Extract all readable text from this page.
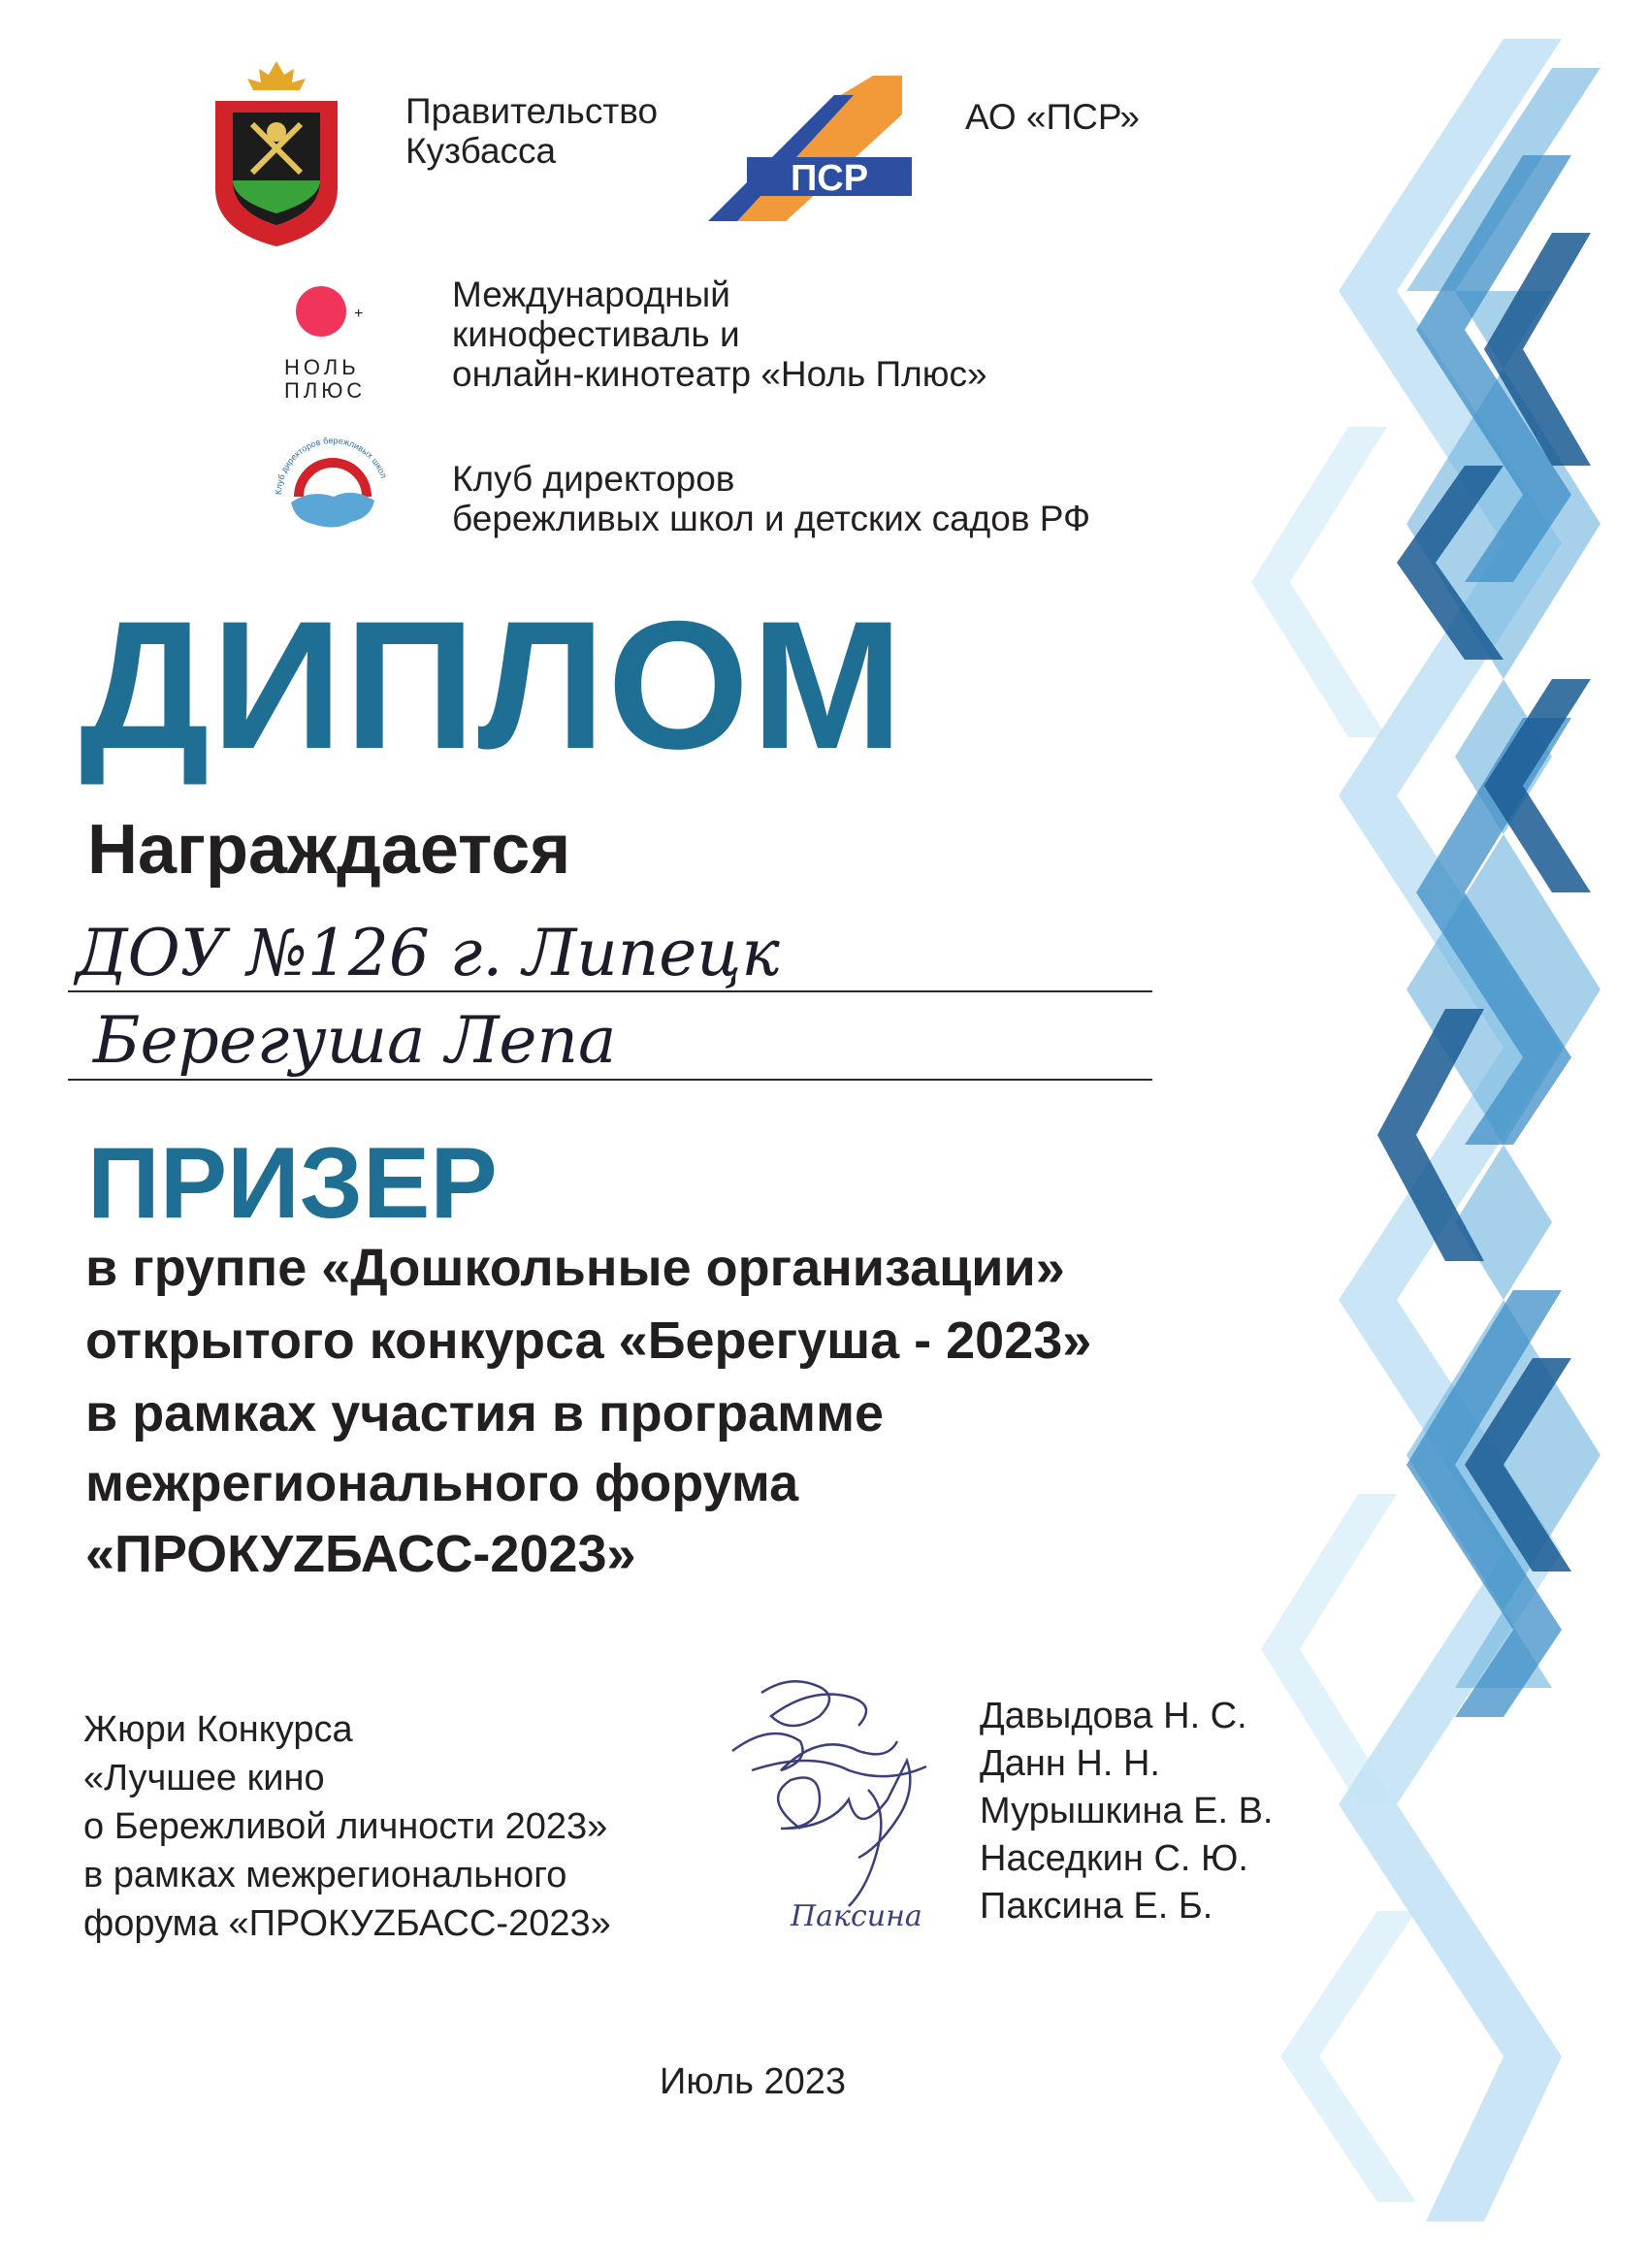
Правительство
Кузбасса
ПСР
АО «ПСР»
+
НОЛЬ
ПЛЮС
Международный
кинофестиваль и
онлайн-кинотеатр «Ноль Плюс»
Клуб директоров бережливых школ Клуб директоров
бережливых школ и детских садов РФ
ДИПЛОМ
Награждается
ДОУ №126 г. Липецк
Берегуша Лепа
ПРИЗЕР
в группе «Дошкольные организации»
открытого конкурса «Берегуша - 2023»
в рамках участия в программе
межрегионального форума
«ПРОКУZБАСС-2023»
Жюри Конкурса
«Лучшее кино
о Бережливой личности 2023»
в рамках межрегионального
форума «ПРОКУZБАСС-2023»	Паксина
Давыдова Н. С.
Данн Н. Н.
Мурышкина Е. В.
Наседкин С. Ю.
Паксина Е. Б.
Июль 2023
